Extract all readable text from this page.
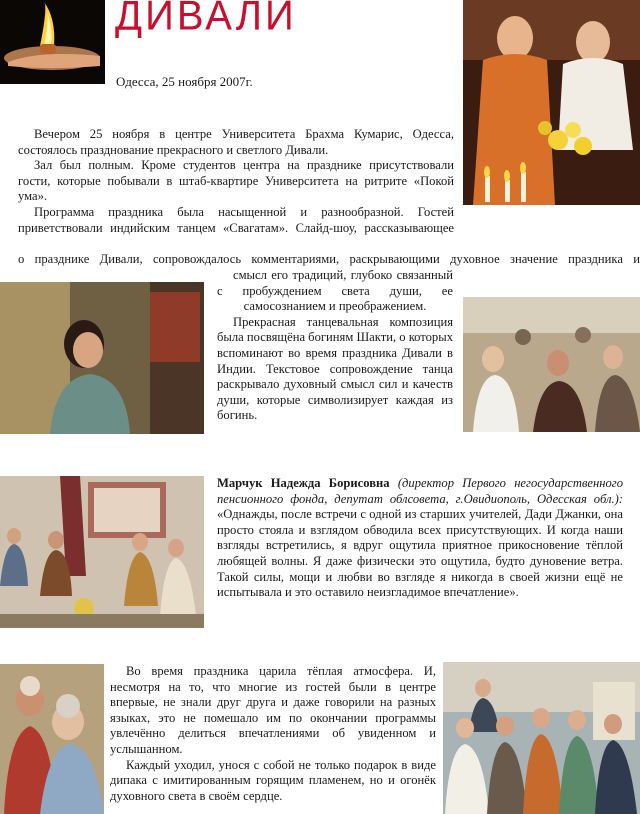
ДИВАЛИ
Одесса, 25 ноября 2007г.

Вечером 25 ноября в центре Университета Брахма Кумарис, Одесса, состоялось празднование прекрасного и светлого Дивали.

Зал был полным. Кроме студентов центра на празднике присутствовали гости, которые побывали в штаб-квартире Университета на ритрите «Покой ума».

Программа праздника была насыщенной и разнообразной. Гостей

приветствовали индийским танцем «Свагатам». Слайд-шоу, рассказывающее

о празднике Дивали, сопровождалось комментариями, раскрывающими духовное значение праздника и

смысл его традиций, глубоко связанный с пробуждением света души, ее самосознанием и преображением.

Прекрасная танцевальная композиция была посвящёна богиням Шакти, о которых вспоминают во время праздника Дивали в Индии. Текстовое сопровождение танца раскрывало духовный смысл сил и качеств души, которые символизирует каждая из богинь.

Марчук Надежда Борисовна (директор Первого негосударственного пенсионного фонда, депутат облсовета, г.Овидиополь, Одесская обл.): «Однажды, после встречи с одной из старших учителей, Дади Джанки, она просто стояла и взглядом обводила всех присутствующих. И когда наши взгляды встретились, я вдруг ощутила приятное прикосновение тёплой любящей волны. Я даже физически это ощутила, будто дуновение ветра. Такой силы, мощи и любви во взгляде я никогда в своей жизни ещё не испытывала и это оставило неизгладимое впечатление».

Во время праздника царила тёплая атмосфера. И, несмотря на то, что многие из гостей были в центре впервые, не знали друг друга и даже говорили на разных языках, это не помешало им по окончании программы увлечённо делиться впечатлениями об увиденном и услышанном.

Каждый уходил, унося с собой не только подарок в виде дипака с имитированным горящим пламенем, но и огонёк духовного света в своём сердце.
